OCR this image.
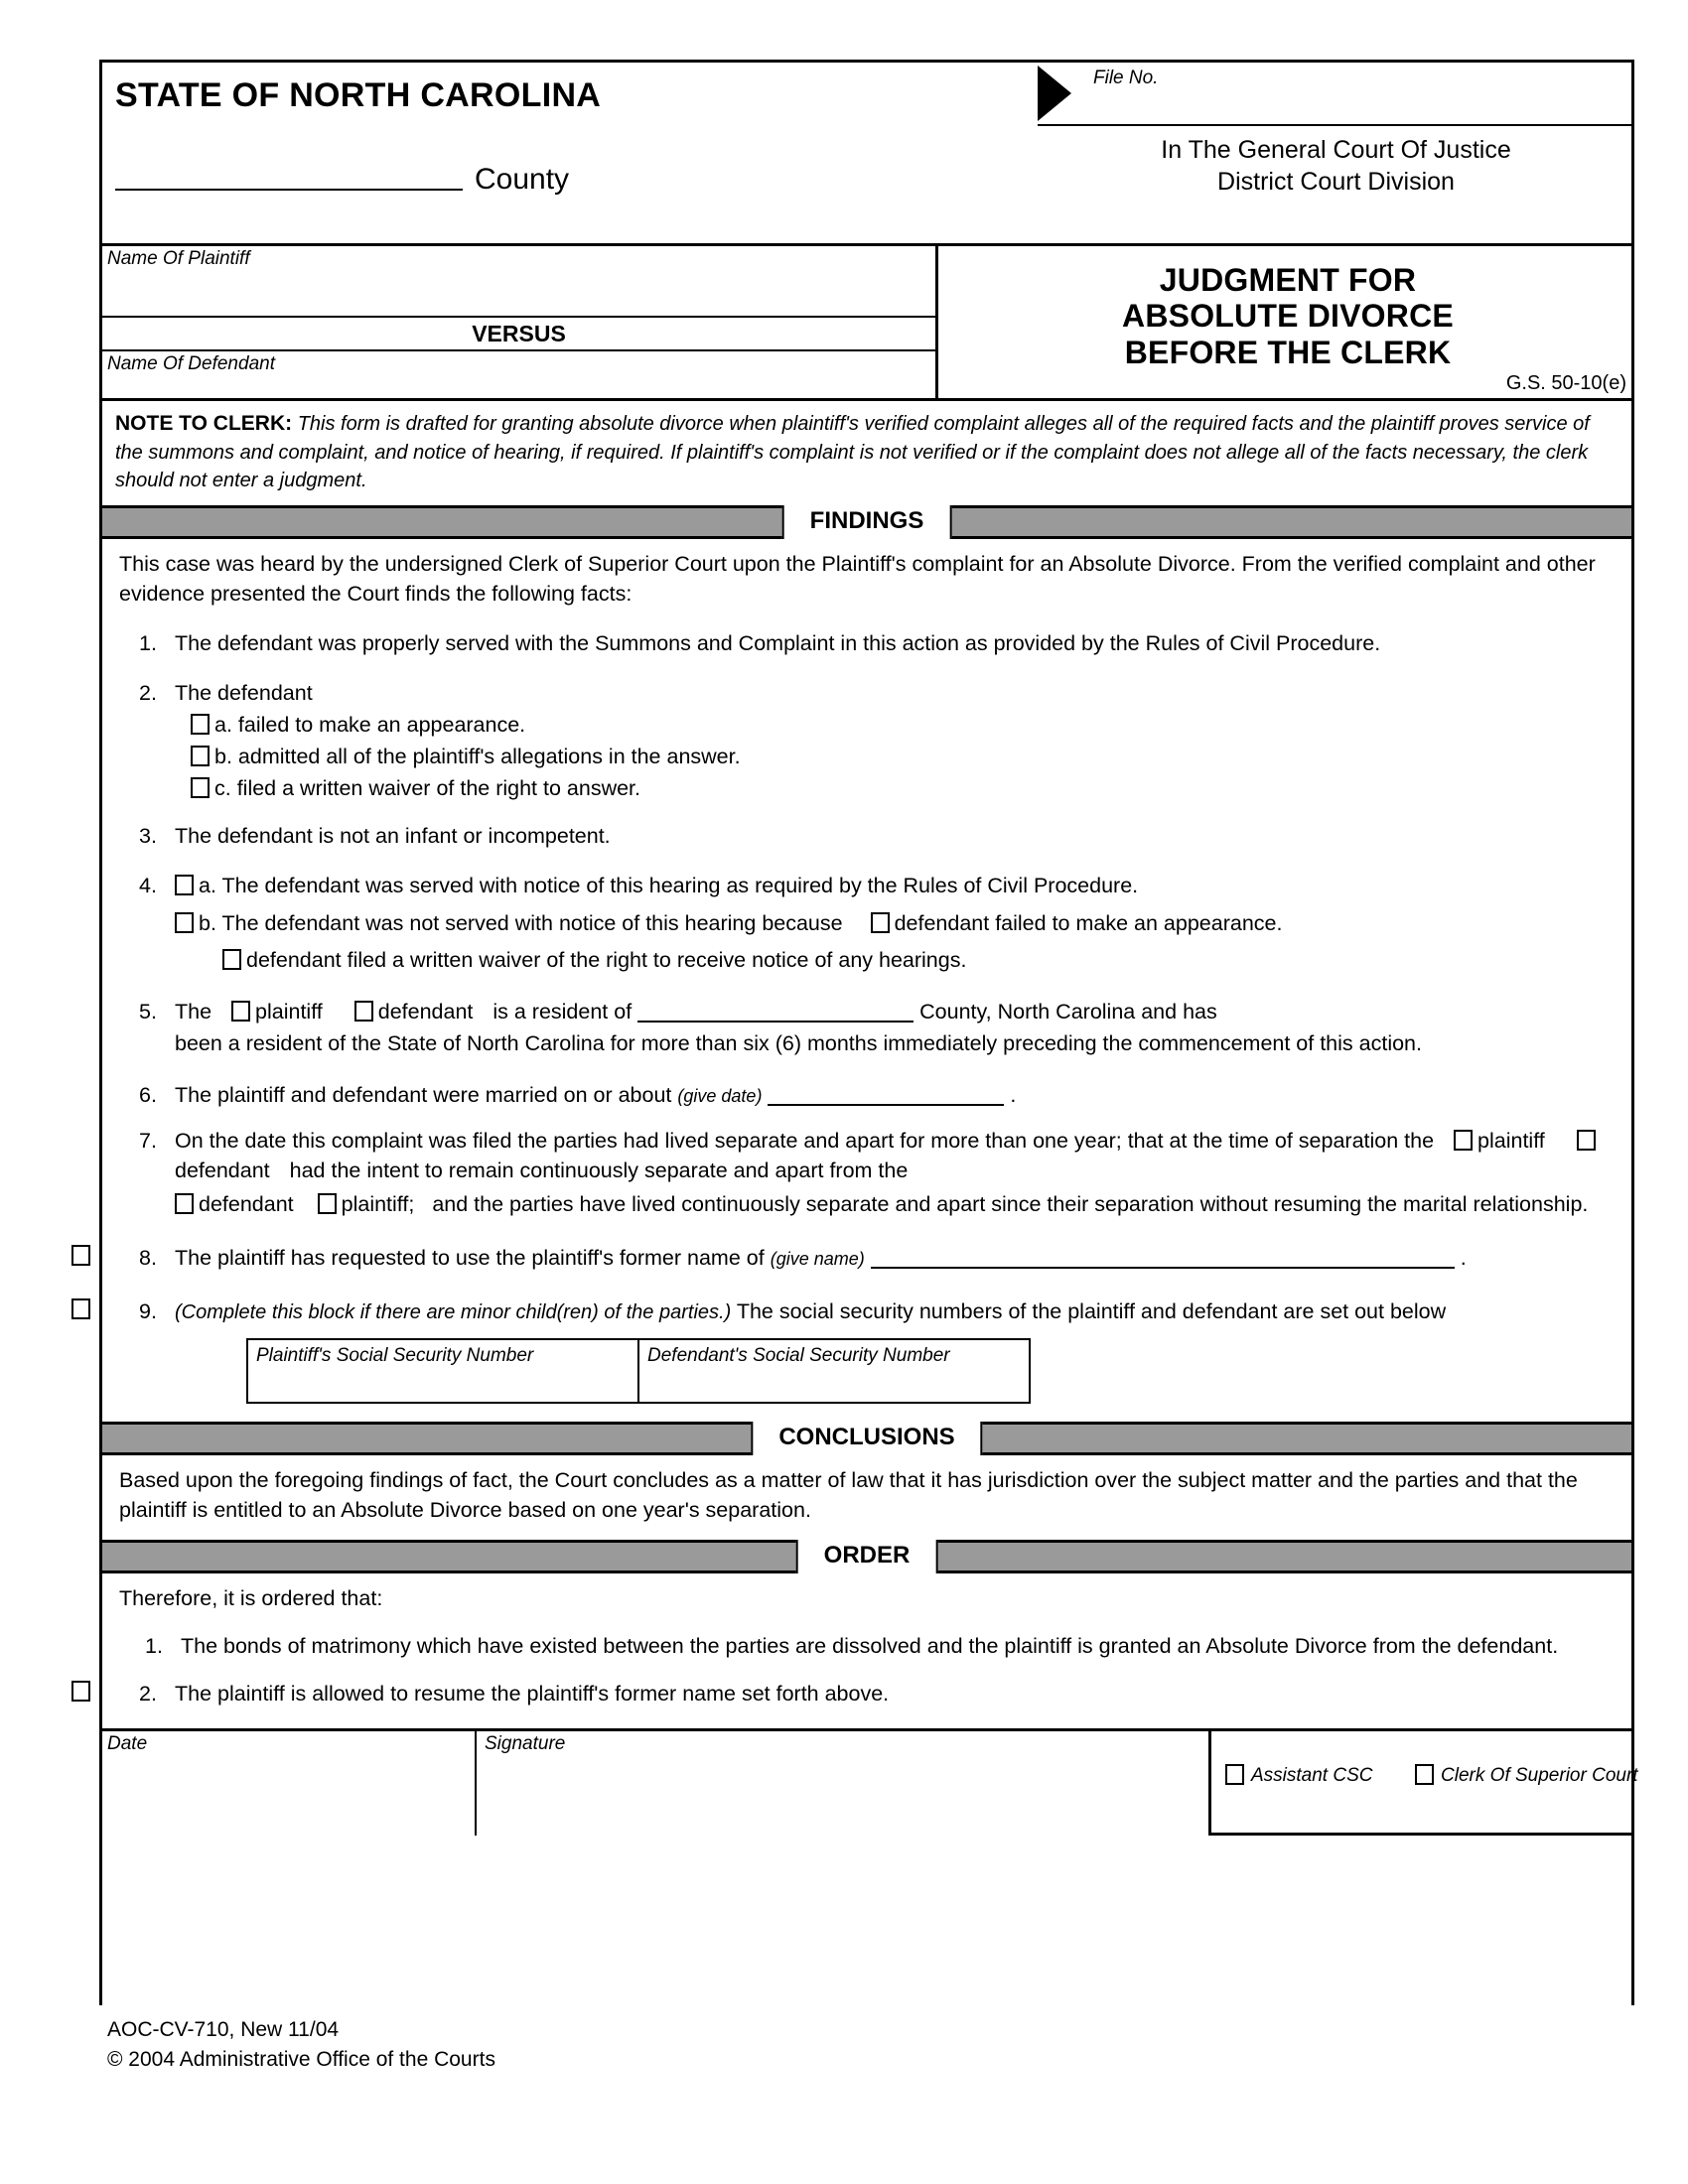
STATE OF NORTH CAROLINA
County
File No.
In The General Court Of Justice
District Court Division
Name Of Plaintiff
VERSUS
Name Of Defendant
JUDGMENT FOR
ABSOLUTE DIVORCE
BEFORE THE CLERK
G.S. 50-10(e)
NOTE TO CLERK: This form is drafted for granting absolute divorce when plaintiff's verified complaint alleges all of the required facts and the plaintiff proves service of the summons and complaint, and notice of hearing, if required. If plaintiff's complaint is not verified or if the complaint does not allege all of the facts necessary, the clerk should not enter a judgment.
FINDINGS
This case was heard by the undersigned Clerk of Superior Court upon the Plaintiff's complaint for an Absolute Divorce. From the verified complaint and other evidence presented the Court finds the following facts:
1. The defendant was properly served with the Summons and Complaint in this action as provided by the Rules of Civil Procedure.
2. The defendant
a. failed to make an appearance.
b. admitted all of the plaintiff's allegations in the answer.
c. filed a written waiver of the right to answer.
3. The defendant is not an infant or incompetent.
4. a. The defendant was served with notice of this hearing as required by the Rules of Civil Procedure.
b. The defendant was not served with notice of this hearing because defendant failed to make an appearance.
defendant filed a written waiver of the right to receive notice of any hearings.
5. The plaintiff	defendant is a resident of	County, North Carolina and has
been a resident of the State of North Carolina for more than six (6) months immediately preceding the commencement of this action.
6. The plaintiff and defendant were married on or about (give date)	.
7. On the date this complaint was filed the parties had lived separate and apart for more than one year; that at the time of separation the plaintiff  defendant had the intent to remain continuously separate and apart from the
defendant plaintiff; and the parties have lived continuously separate and apart since their separation without resuming the marital relationship.
8. The plaintiff has requested to use the plaintiff's former name of (give name)	.
9. (Complete this block if there are minor child(ren) of the parties.) The social security numbers of the plaintiff and defendant are set out below
Plaintiff's Social Security Number	Defendant's Social Security Number
CONCLUSIONS
Based upon the foregoing findings of fact, the Court concludes as a matter of law that it has jurisdiction over the subject matter and the parties and that the plaintiff is entitled to an Absolute Divorce based on one year's separation.
ORDER
Therefore, it is ordered that:
1. The bonds of matrimony which have existed between the parties are dissolved and the plaintiff is granted an Absolute Divorce from the defendant.
2. The plaintiff is allowed to resume the plaintiff's former name set forth above.
Date	Signature
Assistant CSC	Clerk Of Superior Court
AOC-CV-710, New 11/04
© 2004 Administrative Office of the Courts
